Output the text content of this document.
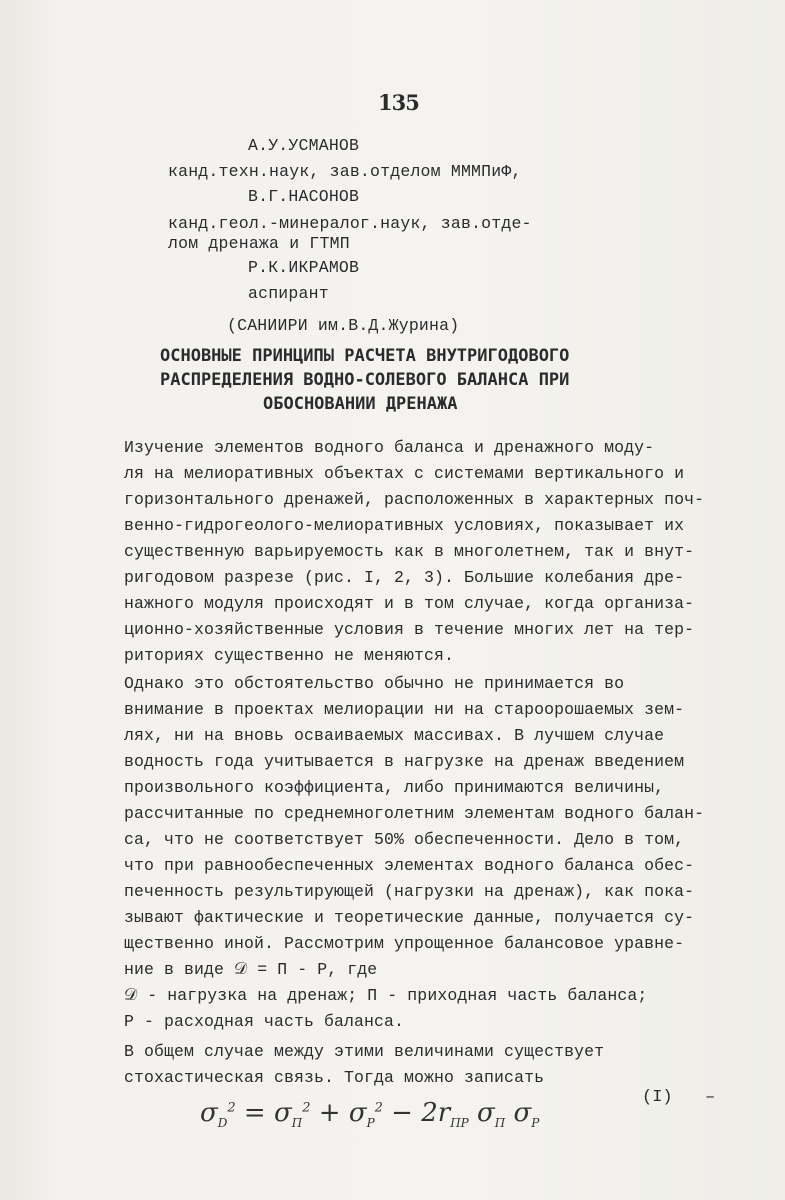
135
А.У.УСМАНОВ
канд.техн.наук, зав.отделом МММПиФ,
В.Г.НАСОНОВ
канд.геол.-минералог.наук, зав.отде-
лом дренажа и ГТМП
Р.К.ИКРАМОВ
аспирант
(САНИИРИ им.В.Д.Журина)
ОСНОВНЫЕ ПРИНЦИПЫ РАСЧЕТА ВНУТРИГОДОВОГО
РАСПРЕДЕЛЕНИЯ ВОДНО-СОЛЕВОГО БАЛАНСА ПРИ
ОБОСНОВАНИИ ДРЕНАЖА
Изучение элементов водного баланса и дренажного моду-
ля на мелиоративных объектах с системами вертикального и
горизонтального дренажей, расположенных в характерных поч-
венно-гидрогеолого-мелиоративных условиях, показывает их
существенную варьируемость как в многолетнем, так и внут-
ригодовом разрезе (рис. I, 2, 3). Большие колебания дре-
нажного модуля происходят и в том случае, когда организа-
ционно-хозяйственные условия в течение многих лет на тер-
риториях существенно не меняются.
Однако это обстоятельство обычно не принимается во
внимание в проектах мелиорации ни на староорошаемых зем-
лях, ни на вновь осваиваемых массивах. В лучшем случае
водность года учитывается в нагрузке на дренаж введением
произвольного коэффициента, либо принимаются величины,
рассчитанные по среднемноголетним элементам водного балан-
са, что не соответствует 50% обеспеченности. Дело в том,
что при равнообеспеченных элементах водного баланса обес-
печенность результирующей (нагрузки на дренаж), как пока-
зывают фактические и теоретические данные, получается су-
щественно иной. Рассмотрим упрощенное балансовое уравне-
ние в виде 𝒟 = П - Р, где
𝒟 - нагрузка на дренаж; П - приходная часть баланса;
Р - расходная часть баланса.
В общем случае между этими величинами существует
стохастическая связь. Тогда можно записать
$\sigma_D^2 = \sigma_П^2 + \sigma_Р^2 - 2r_{ПР}$ $\sigma_П$ $\sigma_Р$
(I) –
